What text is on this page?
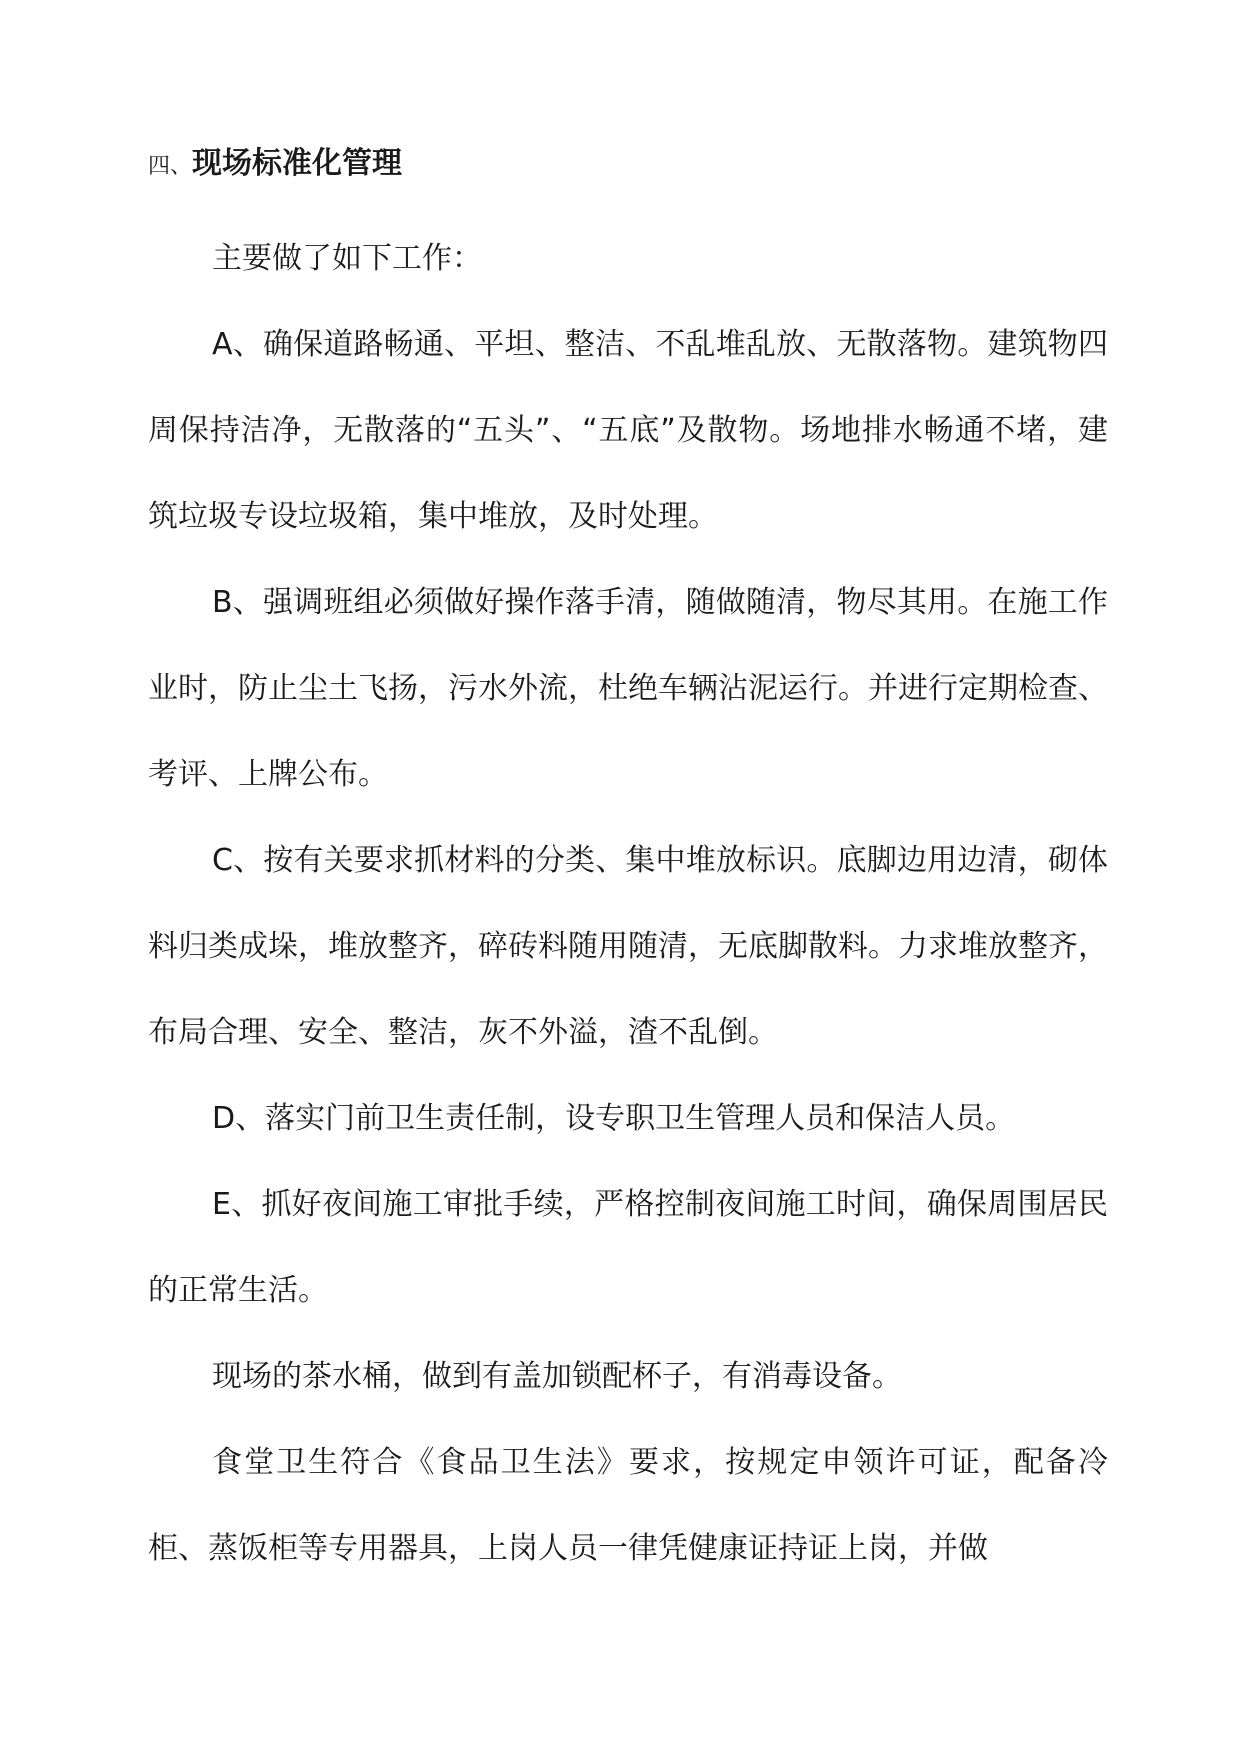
四、现场标准化管理

主要做了如下工作：

A、确保道路畅通、平坦、整洁、不乱堆乱放、无散落物。建筑物四周保持洁净，无散落的“五头”、“五底”及散物。场地排水畅通不堵，建筑垃圾专设垃圾箱，集中堆放，及时处理。

B、强调班组必须做好操作落手清，随做随清，物尽其用。在施工作业时，防止尘土飞扬，污水外流，杜绝车辆沾泥运行。并进行定期检查、考评、上牌公布。

C、按有关要求抓材料的分类、集中堆放标识。底脚边用边清，砌体料归类成垛，堆放整齐，碎砖料随用随清，无底脚散料。力求堆放整齐，布局合理、安全、整洁，灰不外溢，渣不乱倒。

D、落实门前卫生责任制，设专职卫生管理人员和保洁人员。

E、抓好夜间施工审批手续，严格控制夜间施工时间，确保周围居民的正常生活。

现场的茶水桶，做到有盖加锁配杯子，有消毒设备。

食堂卫生符合《食品卫生法》要求，按规定申领许可证，配备冷柜、蒸饭柜等专用器具，上岗人员一律凭健康证持证上岗，并做
